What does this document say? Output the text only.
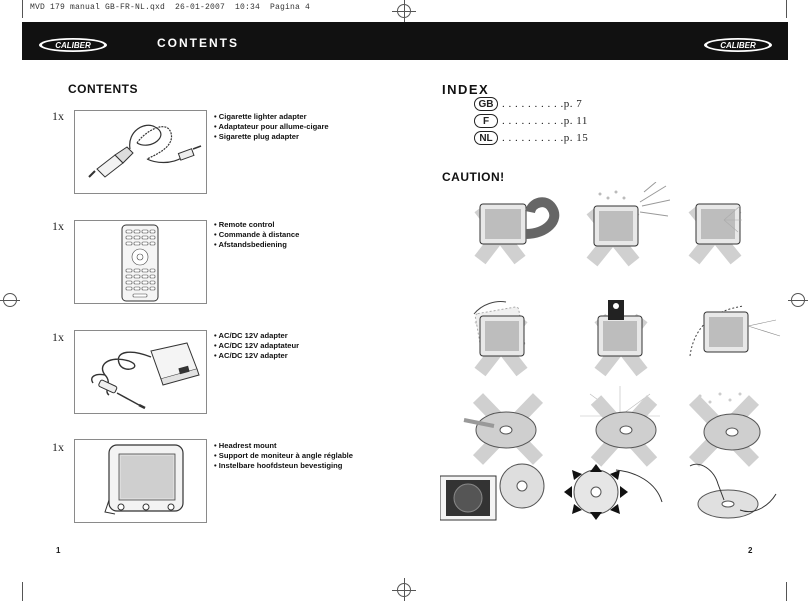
MVD 179 manual GB-FR-NL.qxd  26-01-2007  10:34  Pagina 4
CALIBER	CONTENTS	CALIBER
CONTENTS
1x	• Cigarette lighter adapter
• Adaptateur pour allume-cigare
• Sigarette plug adapter
1x	• Remote control
• Commande à distance
• Afstandsbediening
1x	• AC/DC 12V adapter
• AC/DC 12V adaptateur
• AC/DC 12V adapter
1x	• Headrest mount
• Support de moniteur à angle réglable
• Instelbare hoofdsteun bevestiging
1
INDEX
GB . . . . . . . . . .p. 7
F	. . . . . . . . . .p. 11
NL . . . . . . . . . .p. 15
CAUTION!
2
